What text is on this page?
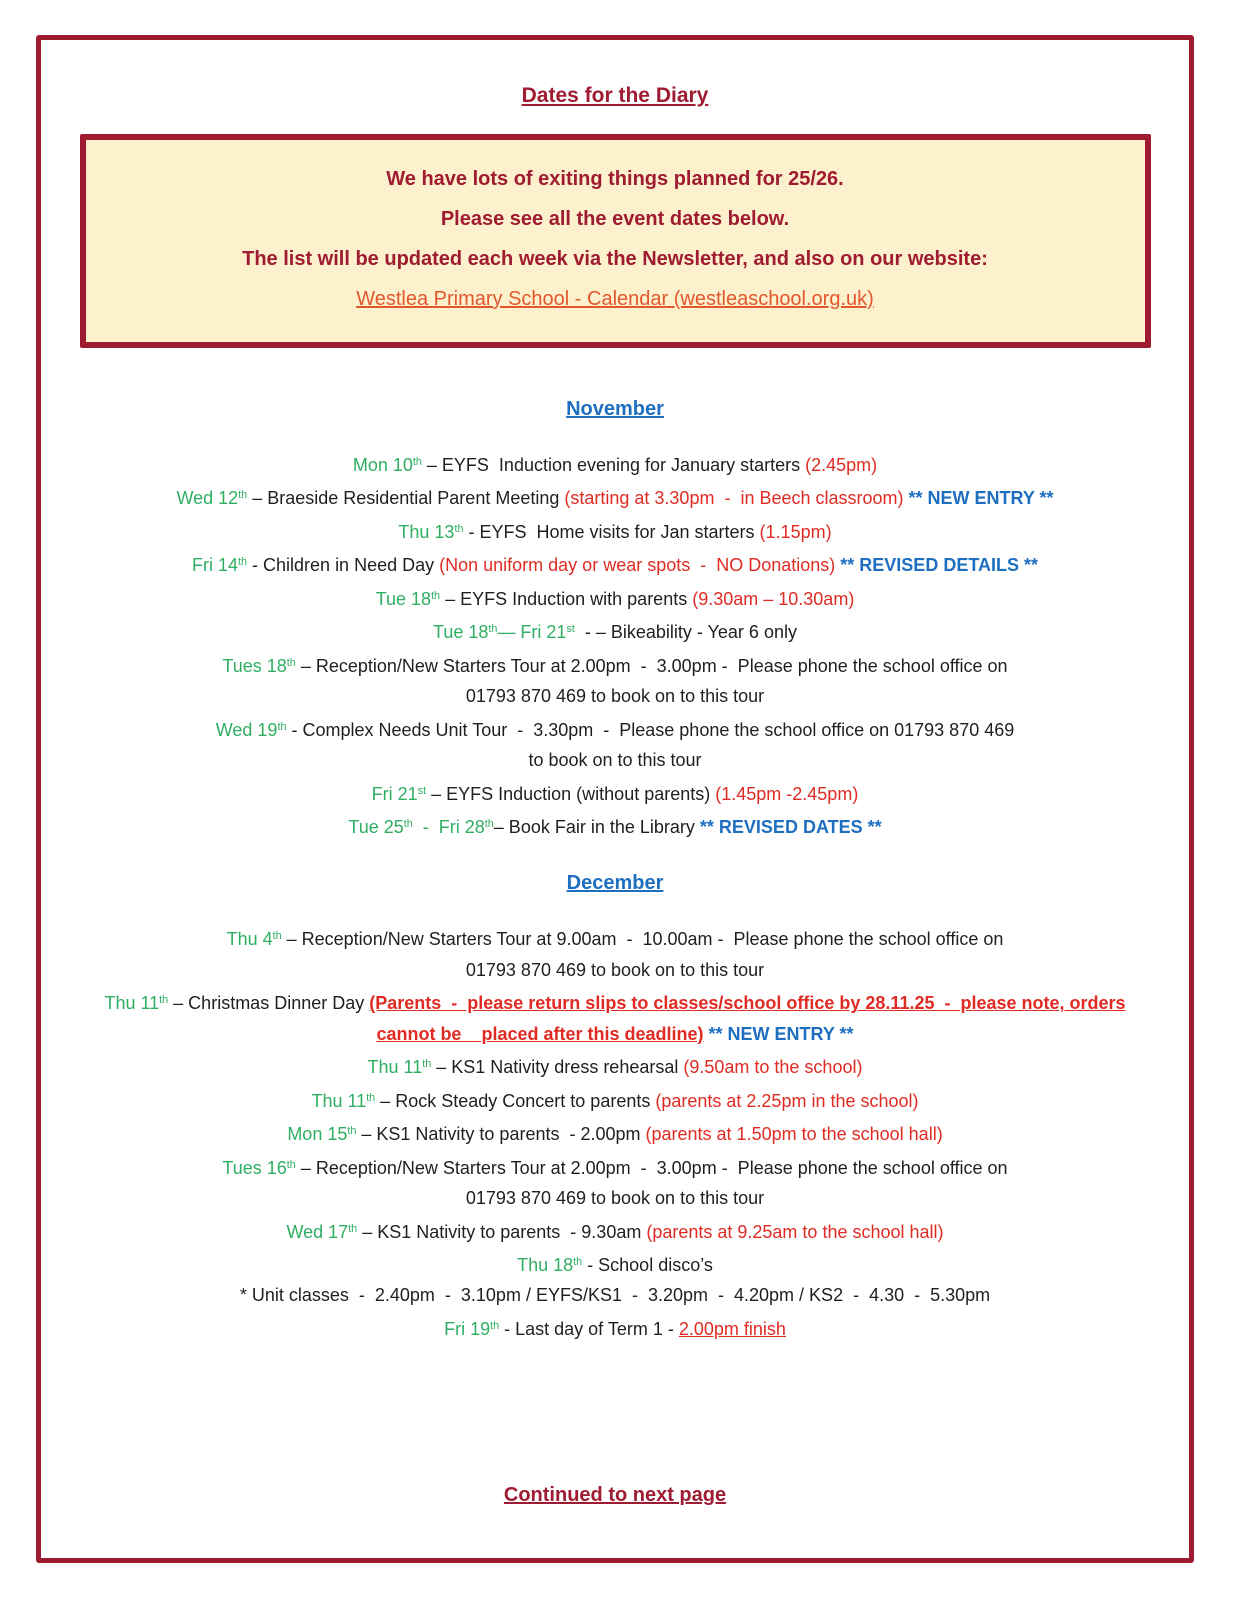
Dates for the Diary
We have lots of exiting things planned for 25/26.
Please see all the event dates below.
The list will be updated each week via the Newsletter, and also on our website:
Westlea Primary School - Calendar (westleaschool.org.uk)
November
Mon 10th – EYFS  Induction evening for January starters (2.45pm)
Wed 12th – Braeside Residential Parent Meeting (starting at 3.30pm  -  in Beech classroom) ** NEW ENTRY **
Thu 13th - EYFS  Home visits for Jan starters (1.15pm)
Fri 14th - Children in Need Day (Non uniform day or wear spots  -  NO Donations) ** REVISED DETAILS **
Tue 18th – EYFS Induction with parents (9.30am – 10.30am)
Tue 18th— Fri 21st  - – Bikeability - Year 6 only
Tues 18th – Reception/New Starters Tour at 2.00pm  -  3.00pm -  Please phone the school office on
01793 870 469 to book on to this tour
Wed 19th - Complex Needs Unit Tour  -  3.30pm  -  Please phone the school office on 01793 870 469
to book on to this tour
Fri 21st – EYFS Induction (without parents) (1.45pm -2.45pm)
Tue 25th  -  Fri 28th– Book Fair in the Library ** REVISED DATES **
December
Thu 4th – Reception/New Starters Tour at 9.00am  -  10.00am -  Please phone the school office on
01793 870 469 to book on to this tour
Thu 11th – Christmas Dinner Day (Parents  -  please return slips to classes/school office by 28.11.25  -  please note, orders
cannot be    placed after this deadline) ** NEW ENTRY **
Thu 11th – KS1 Nativity dress rehearsal (9.50am to the school)
Thu 11th – Rock Steady Concert to parents (parents at 2.25pm in the school)
Mon 15th – KS1 Nativity to parents  - 2.00pm (parents at 1.50pm to the school hall)
Tues 16th – Reception/New Starters Tour at 2.00pm  -  3.00pm -  Please phone the school office on
01793 870 469 to book on to this tour
Wed 17th – KS1 Nativity to parents  - 9.30am (parents at 9.25am to the school hall)
Thu 18th - School disco’s
* Unit classes  -  2.40pm  -  3.10pm / EYFS/KS1  -  3.20pm  -  4.20pm / KS2  -  4.30  -  5.30pm
Fri 19th - Last day of Term 1 - 2.00pm finish
Continued to next page
